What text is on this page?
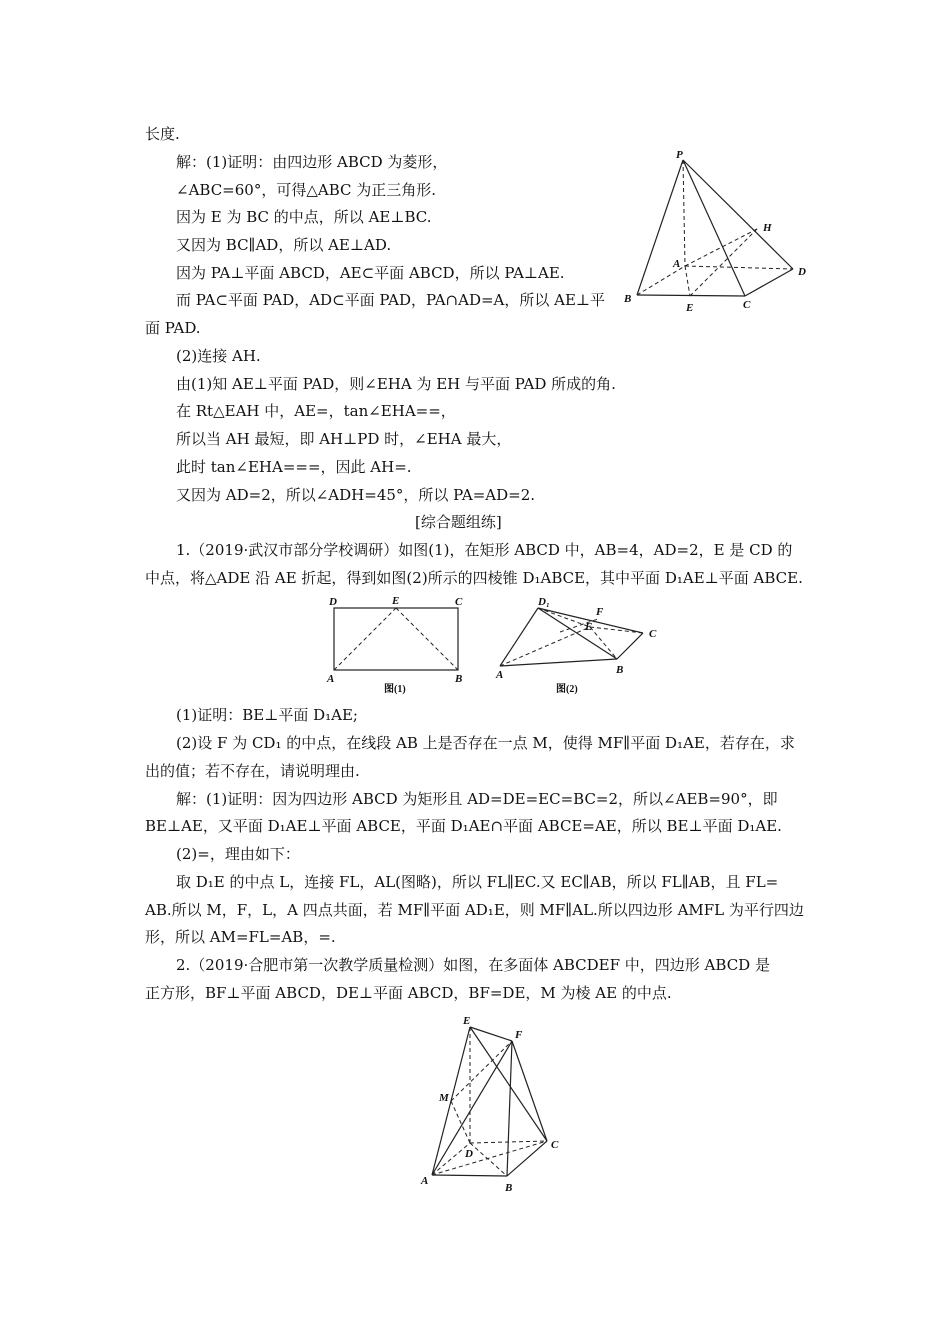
长度.
解：(1)证明：由四边形 ABCD 为菱形，
∠ABC=60°，可得△ABC 为正三角形.
因为 E 为 BC 的中点，所以 AE⊥BC.
又因为 BC∥AD，所以 AE⊥AD.
因为 PA⊥平面 ABCD，AE⊂平面 ABCD，所以 PA⊥AE.
而 PA⊂平面 PAD，AD⊂平面 PAD，PA∩AD=A，所以 AE⊥平
面 PAD.
(2)连接 AH.
由(1)知 AE⊥平面 PAD，则∠EHA 为 EH 与平面 PAD 所成的角.
在 Rt△EAH 中，AE=，tan∠EHA==，
所以当 AH 最短，即 AH⊥PD 时，∠EHA 最大，
此时 tan∠EHA===，因此 AH=.
又因为 AD=2，所以∠ADH=45°，所以 PA=AD=2.
[综合题组练]
1.（2019·武汉市部分学校调研）如图(1)，在矩形 ABCD 中，AB=4，AD=2，E 是 CD 的
中点，将△ADE 沿 AE 折起，得到如图(2)所示的四棱锥 D₁ABCE，其中平面 D₁AE⊥平面 ABCE.
(1)证明：BE⊥平面 D₁AE;
(2)设 F 为 CD₁ 的中点，在线段 AB 上是否存在一点 M，使得 MF∥平面 D₁AE，若存在，求
出的值；若不存在，请说明理由.
解：(1)证明：因为四边形 ABCD 为矩形且 AD=DE=EC=BC=2，所以∠AEB=90°，即
BE⊥AE，又平面 D₁AE⊥平面 ABCE，平面 D₁AE∩平面 ABCE=AE，所以 BE⊥平面 D₁AE.
(2)=，理由如下：
取 D₁E 的中点 L，连接 FL，AL(图略)，所以 FL∥EC.又 EC∥AB，所以 FL∥AB，且 FL=
AB.所以 M，F，L，A 四点共面，若 MF∥平面 AD₁E，则 MF∥AL.所以四边形 AMFL 为平行四边
形，所以 AM=FL=AB，=.
2.（2019·合肥市第一次教学质量检测）如图，在多面体 ABCDEF 中，四边形 ABCD 是
正方形，BF⊥平面 ABCD，DE⊥平面 ABCD，BF=DE，M 为棱 AE 的中点.
P
H
A
D
B
E	C
D	E	C
A	B
D₁
F
E
C
A	B
图(1)	图(2)
E
F
M
D
C
A
B
